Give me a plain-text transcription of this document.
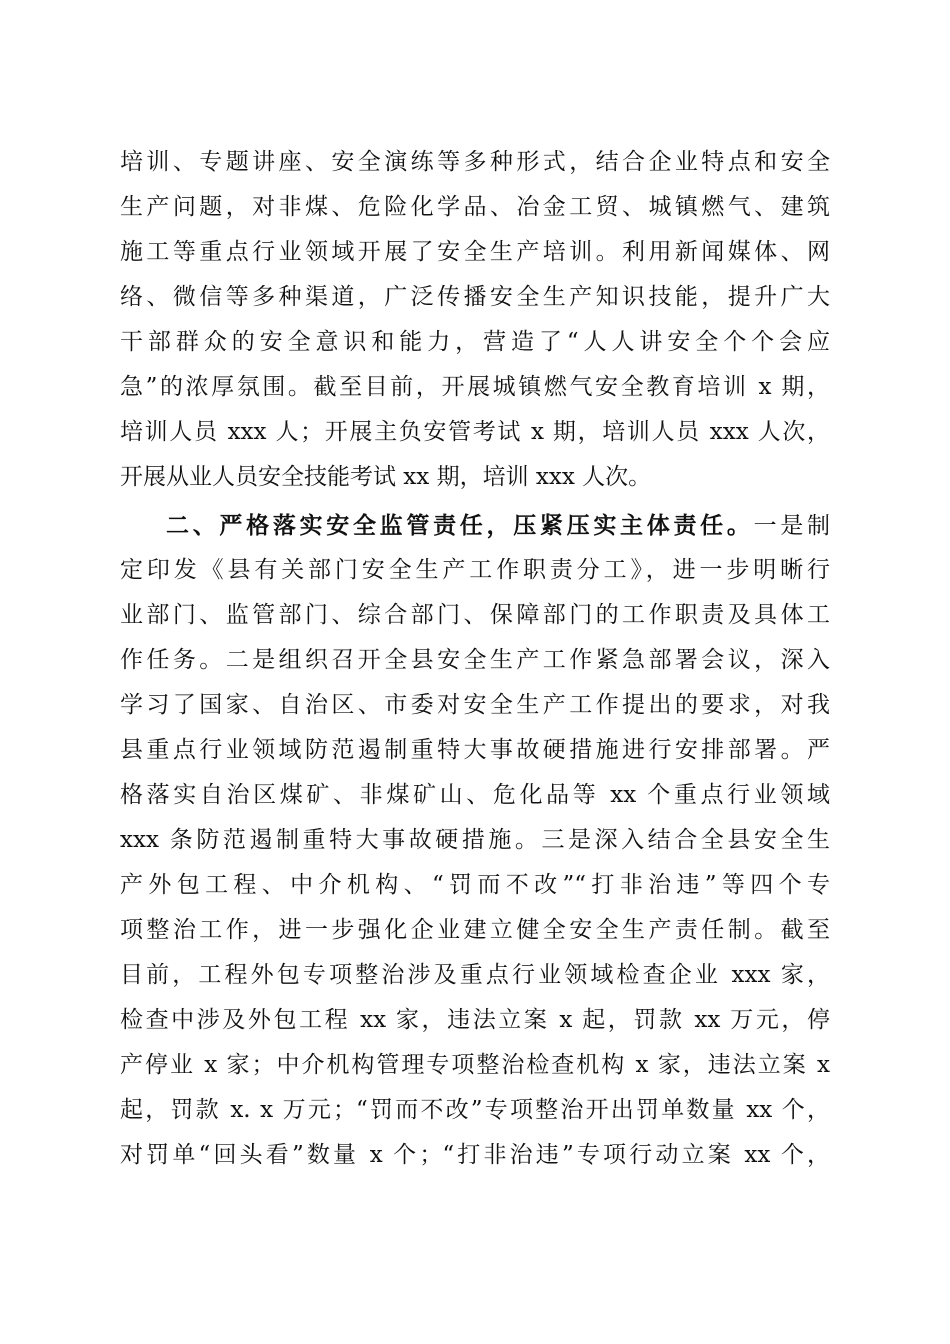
培训、专题讲座、安全演练等多种形式，结合企业特点和安全
生产问题，对非煤、危险化学品、冶金工贸、城镇燃气、建筑
施工等重点行业领域开展了安全生产培训。利用新闻媒体、网
络、微信等多种渠道，广泛传播安全生产知识技能，提升广大
干部群众的安全意识和能力，营造了“人人讲安全个个会应
急”的浓厚氛围。截至目前，开展城镇燃气安全教育培训 x 期，
培训人员 xxx 人；开展主负安管考试 x 期，培训人员 xxx 人次，
开展从业人员安全技能考试 xx 期，培训 xxx 人次。
二、严格落实安全监管责任，压紧压实主体责任。一是制
定印发《县有关部门安全生产工作职责分工》，进一步明晰行
业部门、监管部门、综合部门、保障部门的工作职责及具体工
作任务。二是组织召开全县安全生产工作紧急部署会议，深入
学习了国家、自治区、市委对安全生产工作提出的要求，对我
县重点行业领域防范遏制重特大事故硬措施进行安排部署。严
格落实自治区煤矿、非煤矿山、危化品等 xx 个重点行业领域
xxx 条防范遏制重特大事故硬措施。三是深入结合全县安全生
产外包工程、中介机构、“罚而不改”“打非治违”等四个专
项整治工作，进一步强化企业建立健全安全生产责任制。截至
目前，工程外包专项整治涉及重点行业领域检查企业 xxx 家，
检查中涉及外包工程 xx 家，违法立案 x 起，罚款 xx 万元，停
产停业 x 家；中介机构管理专项整治检查机构 x 家，违法立案 x
起，罚款 x. x 万元；“罚而不改”专项整治开出罚单数量 xx 个，
对罚单“回头看”数量 x 个；“打非治违”专项行动立案 xx 个，
